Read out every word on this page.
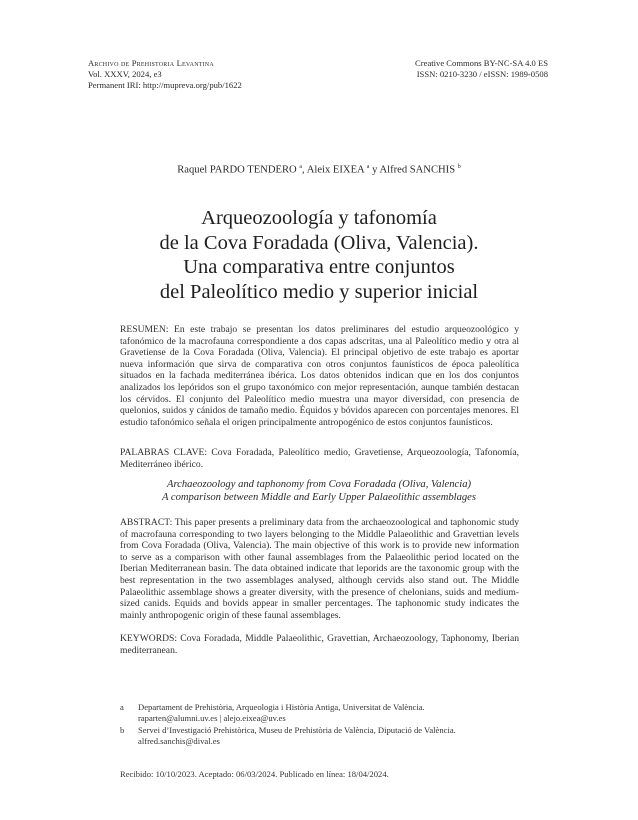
Archivo de Prehistoria Levantina
Vol. XXXV, 2024, e3
Permanent IRI: http://mupreva.org/pub/1622
Creative Commons BY-NC-SA 4.0 ES
ISSN: 0210-3230 / eISSN: 1989-0508
Raquel PARDO TENDERO $^a$, Aleix EIXEA $^a$ y Alfred SANCHIS $^b$
Arqueozoología y tafonomía
de la Cova Foradada (Oliva, Valencia).
Una comparativa entre conjuntos
del Paleolítico medio y superior inicial
RESUMEN: En este trabajo se presentan los datos preliminares del estudio arqueozoológico y tafonómico de la macrofauna correspondiente a dos capas adscritas, una al Paleolítico medio y otra al Gravetiense de la Cova Foradada (Oliva, Valencia). El principal objetivo de este trabajo es aportar nueva información que sirva de comparativa con otros conjuntos faunísticos de época paleolítica situados en la fachada mediterránea ibérica. Los datos obtenidos indican que en los dos conjuntos analizados los lepóridos son el grupo taxonómico con mejor representación, aunque también destacan los cérvidos. El conjunto del Paleolítico medio muestra una mayor diversidad, con presencia de quelonios, suidos y cánidos de tamaño medio. Équidos y bóvidos aparecen con porcentajes menores. El estudio tafonómico señala el origen principalmente antropogénico de estos conjuntos faunísticos.
PALABRAS CLAVE: Cova Foradada, Paleolítico medio, Gravetiense, Arqueozoología, Tafonomía, Mediterráneo ibérico.
Archaeozoology and taphonomy from Cova Foradada (Oliva, Valencia)
A comparison between Middle and Early Upper Palaeolithic assemblages
ABSTRACT: This paper presents a preliminary data from the archaeozoological and taphonomic study of macrofauna corresponding to two layers belonging to the Middle Palaeolithic and Gravettian levels from Cova Foradada (Oliva, Valencia). The main objective of this work is to provide new information to serve as a comparison with other faunal assemblages from the Palaeolithic period located on the Iberian Mediterranean basin. The data obtained indicate that leporids are the taxonomic group with the best representation in the two assemblages analysed, although cervids also stand out. The Middle Palaeolithic assemblage shows a greater diversity, with the presence of chelonians, suids and medium-sized canids. Equids and bovids appear in smaller percentages. The taphonomic study indicates the mainly anthropogenic origin of these faunal assemblages.
KEYWORDS: Cova Foradada, Middle Palaeolithic, Gravettian, Archaeozoology, Taphonomy, Iberian mediterranean.
a	Departament de Prehistòria, Arqueologia i Història Antiga, Universitat de València.
raparten@alumni.uv.es | alejo.eixea@uv.es
b	Servei d’Investigació Prehistòrica, Museu de Prehistòria de València, Diputació de València.
alfred.sanchis@dival.es
Recibido: 10/10/2023. Aceptado: 06/03/2024. Publicado en línea: 18/04/2024.
